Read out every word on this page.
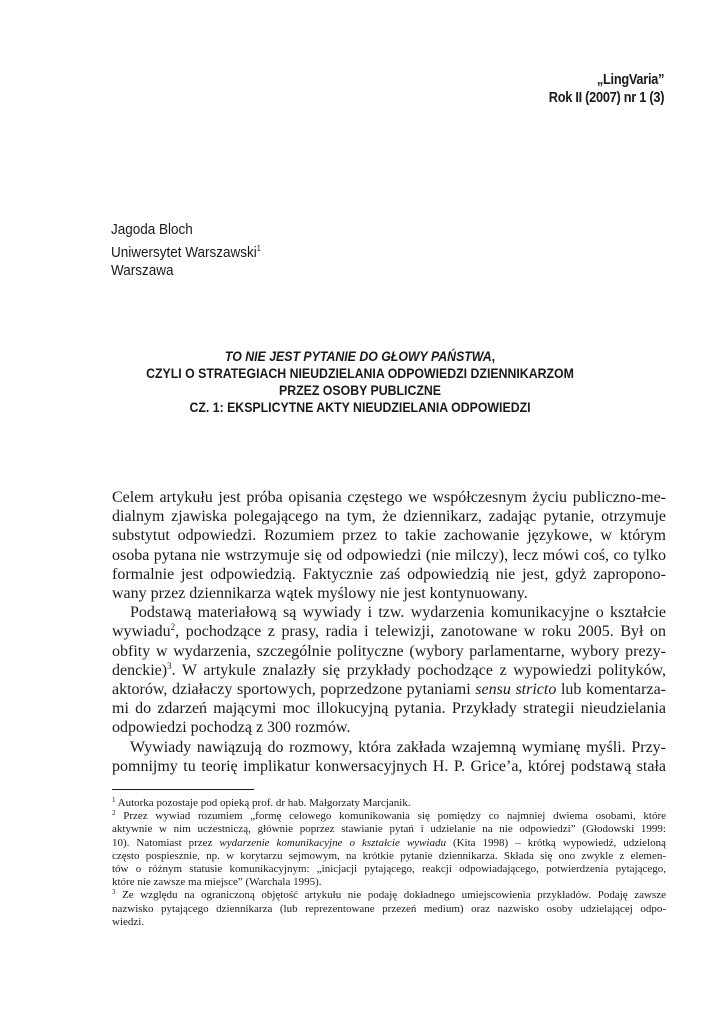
„LingVaria”
Rok II (2007) nr 1 (3)
Jagoda Bloch
Uniwersytet Warszawski$^1$
Warszawa
TO NIE JEST PYTANIE DO GŁOWY PAŃSTWA,
CZYLI O STRATEGIACH NIEUDZIELANIA ODPOWIEDZI DZIENNIKARZOM
PRZEZ OSOBY PUBLICZNE
CZ. 1: EKSPLICYTNE AKTY NIEUDZIELANIA ODPOWIEDZI
Celem artykułu jest próba opisania częstego we współczesnym życiu publiczno-me-
dialnym zjawiska polegającego na tym, że dziennikarz, zadając pytanie, otrzymuje
substytut odpowiedzi. Rozumiem przez to takie zachowanie językowe, w którym
osoba pytana nie wstrzymuje się od odpowiedzi (nie milczy), lecz mówi coś, co tylko
formalnie jest odpowiedzią. Faktycznie zaś odpowiedzią nie jest, gdyż zapropono-
wany przez dziennikarza wątek myślowy nie jest kontynuowany.
Podstawą materiałową są wywiady i tzw. wydarzenia komunikacyjne o kształcie
wywiadu$^2$, pochodzące z prasy, radia i telewizji, zanotowane w roku 2005. Był on
obfity w wydarzenia, szczególnie polityczne (wybory parlamentarne, wybory prezy-
denckie)$^3$. W artykule znalazły się przykłady pochodzące z wypowiedzi polityków,
aktorów, działaczy sportowych, poprzedzone pytaniami sensu stricto lub komentarza-
mi do zdarzeń mającymi moc illokucyjną pytania. Przykłady strategii nieudzielania
odpowiedzi pochodzą z 300 rozmów.
Wywiady nawiązują do rozmowy, która zakłada wzajemną wymianę myśli. Przy-
pomnijmy tu teorię implikatur konwersacyjnych H. P. Grice’a, której podstawą stała
$^1$ Autorka pozostaje pod opieką prof. dr hab. Małgorzaty Marcjanik.
$^2$ Przez wywiad rozumiem „formę celowego komunikowania się pomiędzy co najmniej dwiema osobami, które
aktywnie w nim uczestniczą, głównie poprzez stawianie pytań i udzielanie na nie odpowiedzi” (Głodowski 1999:
10). Natomiast przez wydarzenie komunikacyjne o kształcie wywiadu (Kita 1998) – krótką wypowiedź, udzieloną
często pospiesznie, np. w korytarzu sejmowym, na krótkie pytanie dziennikarza. Składa się ono zwykle z elemen-
tów o różnym statusie komunikacyjnym: „inicjacji pytającego, reakcji odpowiadającego, potwierdzenia pytającego,
które nie zawsze ma miejsce” (Warchala 1995).
$^3$ Ze względu na ograniczoną objętość artykułu nie podaję dokładnego umiejscowienia przykładów. Podaję zawsze
nazwisko pytającego dziennikarza (lub reprezentowane przezeń medium) oraz nazwisko osoby udzielającej odpo-
wiedzi.
